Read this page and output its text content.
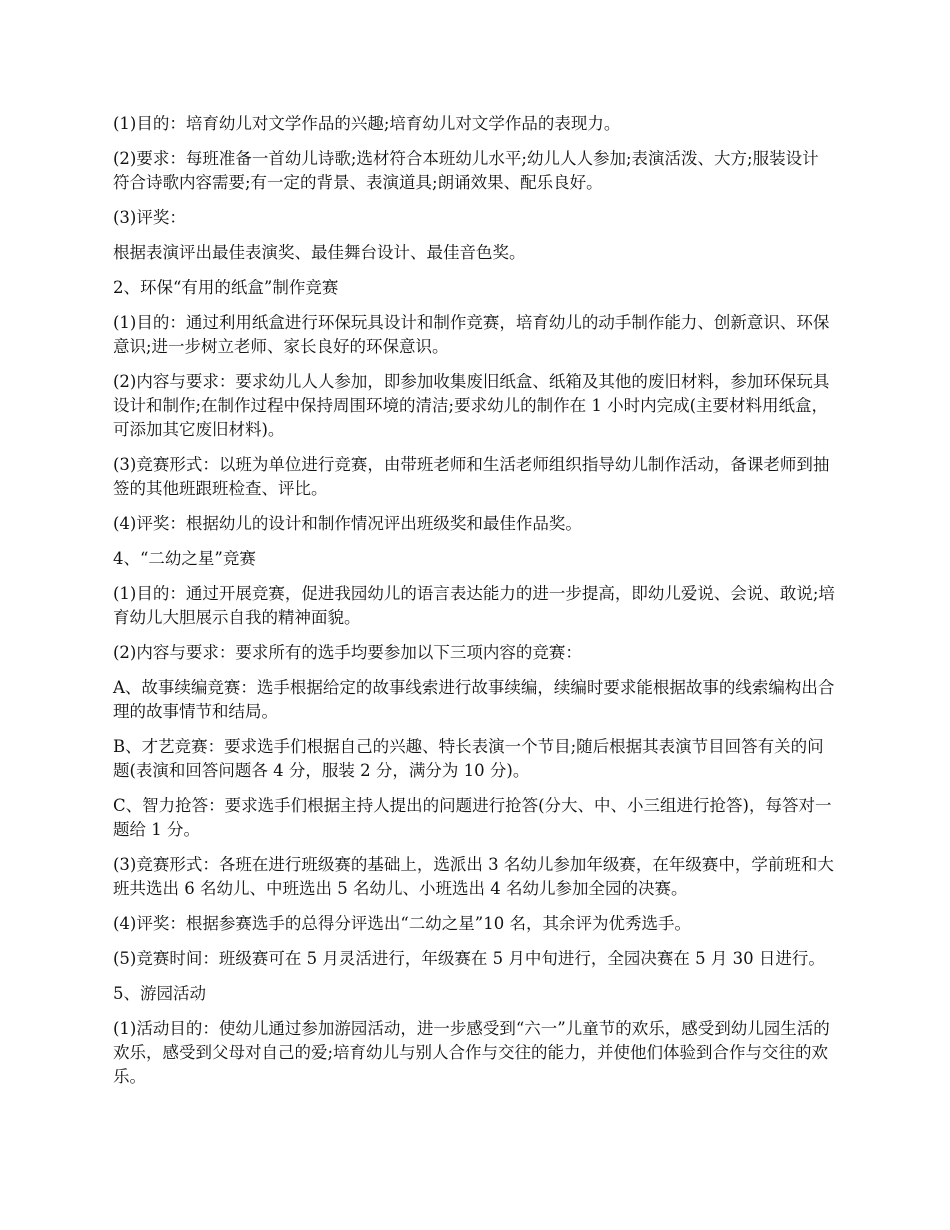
(1)目的：培育幼儿对文学作品的兴趣;培育幼儿对文学作品的表现力。

(2)要求：每班准备一首幼儿诗歌;选材符合本班幼儿水平;幼儿人人参加;表演活泼、大方;服装设计符合诗歌内容需要;有一定的背景、表演道具;朗诵效果、配乐良好。

(3)评奖：

根据表演评出最佳表演奖、最佳舞台设计、最佳音色奖。

2、环保“有用的纸盒”制作竞赛

(1)目的：通过利用纸盒进行环保玩具设计和制作竞赛，培育幼儿的动手制作能力、创新意识、环保意识;进一步树立老师、家长良好的环保意识。

(2)内容与要求：要求幼儿人人参加，即参加收集废旧纸盒、纸箱及其他的废旧材料，参加环保玩具设计和制作;在制作过程中保持周围环境的清洁;要求幼儿的制作在 1 小时内完成(主要材料用纸盒，可添加其它废旧材料)。

(3)竞赛形式：以班为单位进行竞赛，由带班老师和生活老师组织指导幼儿制作活动，备课老师到抽签的其他班跟班检查、评比。

(4)评奖：根据幼儿的设计和制作情况评出班级奖和最佳作品奖。

4、“二幼之星”竞赛

(1)目的：通过开展竞赛，促进我园幼儿的语言表达能力的进一步提高，即幼儿爱说、会说、敢说;培育幼儿大胆展示自我的精神面貌。

(2)内容与要求：要求所有的选手均要参加以下三项内容的竞赛：

A、故事续编竞赛：选手根据给定的故事线索进行故事续编，续编时要求能根据故事的线索编构出合理的故事情节和结局。

B、才艺竞赛：要求选手们根据自己的兴趣、特长表演一个节目;随后根据其表演节目回答有关的问题(表演和回答问题各 4 分，服装 2 分，满分为 10 分)。

C、智力抢答：要求选手们根据主持人提出的问题进行抢答(分大、中、小三组进行抢答)，每答对一题给 1 分。

(3)竞赛形式：各班在进行班级赛的基础上，选派出 3 名幼儿参加年级赛，在年级赛中，学前班和大班共选出 6 名幼儿、中班选出 5 名幼儿、小班选出 4 名幼儿参加全园的决赛。

(4)评奖：根据参赛选手的总得分评选出“二幼之星”10 名，其余评为优秀选手。

(5)竞赛时间：班级赛可在 5 月灵活进行，年级赛在 5 月中旬进行，全园决赛在 5 月 30 日进行。

5、游园活动

(1)活动目的：使幼儿通过参加游园活动，进一步感受到“六一”儿童节的欢乐，感受到幼儿园生活的欢乐，感受到父母对自己的爱;培育幼儿与别人合作与交往的能力，并使他们体验到合作与交往的欢乐。
